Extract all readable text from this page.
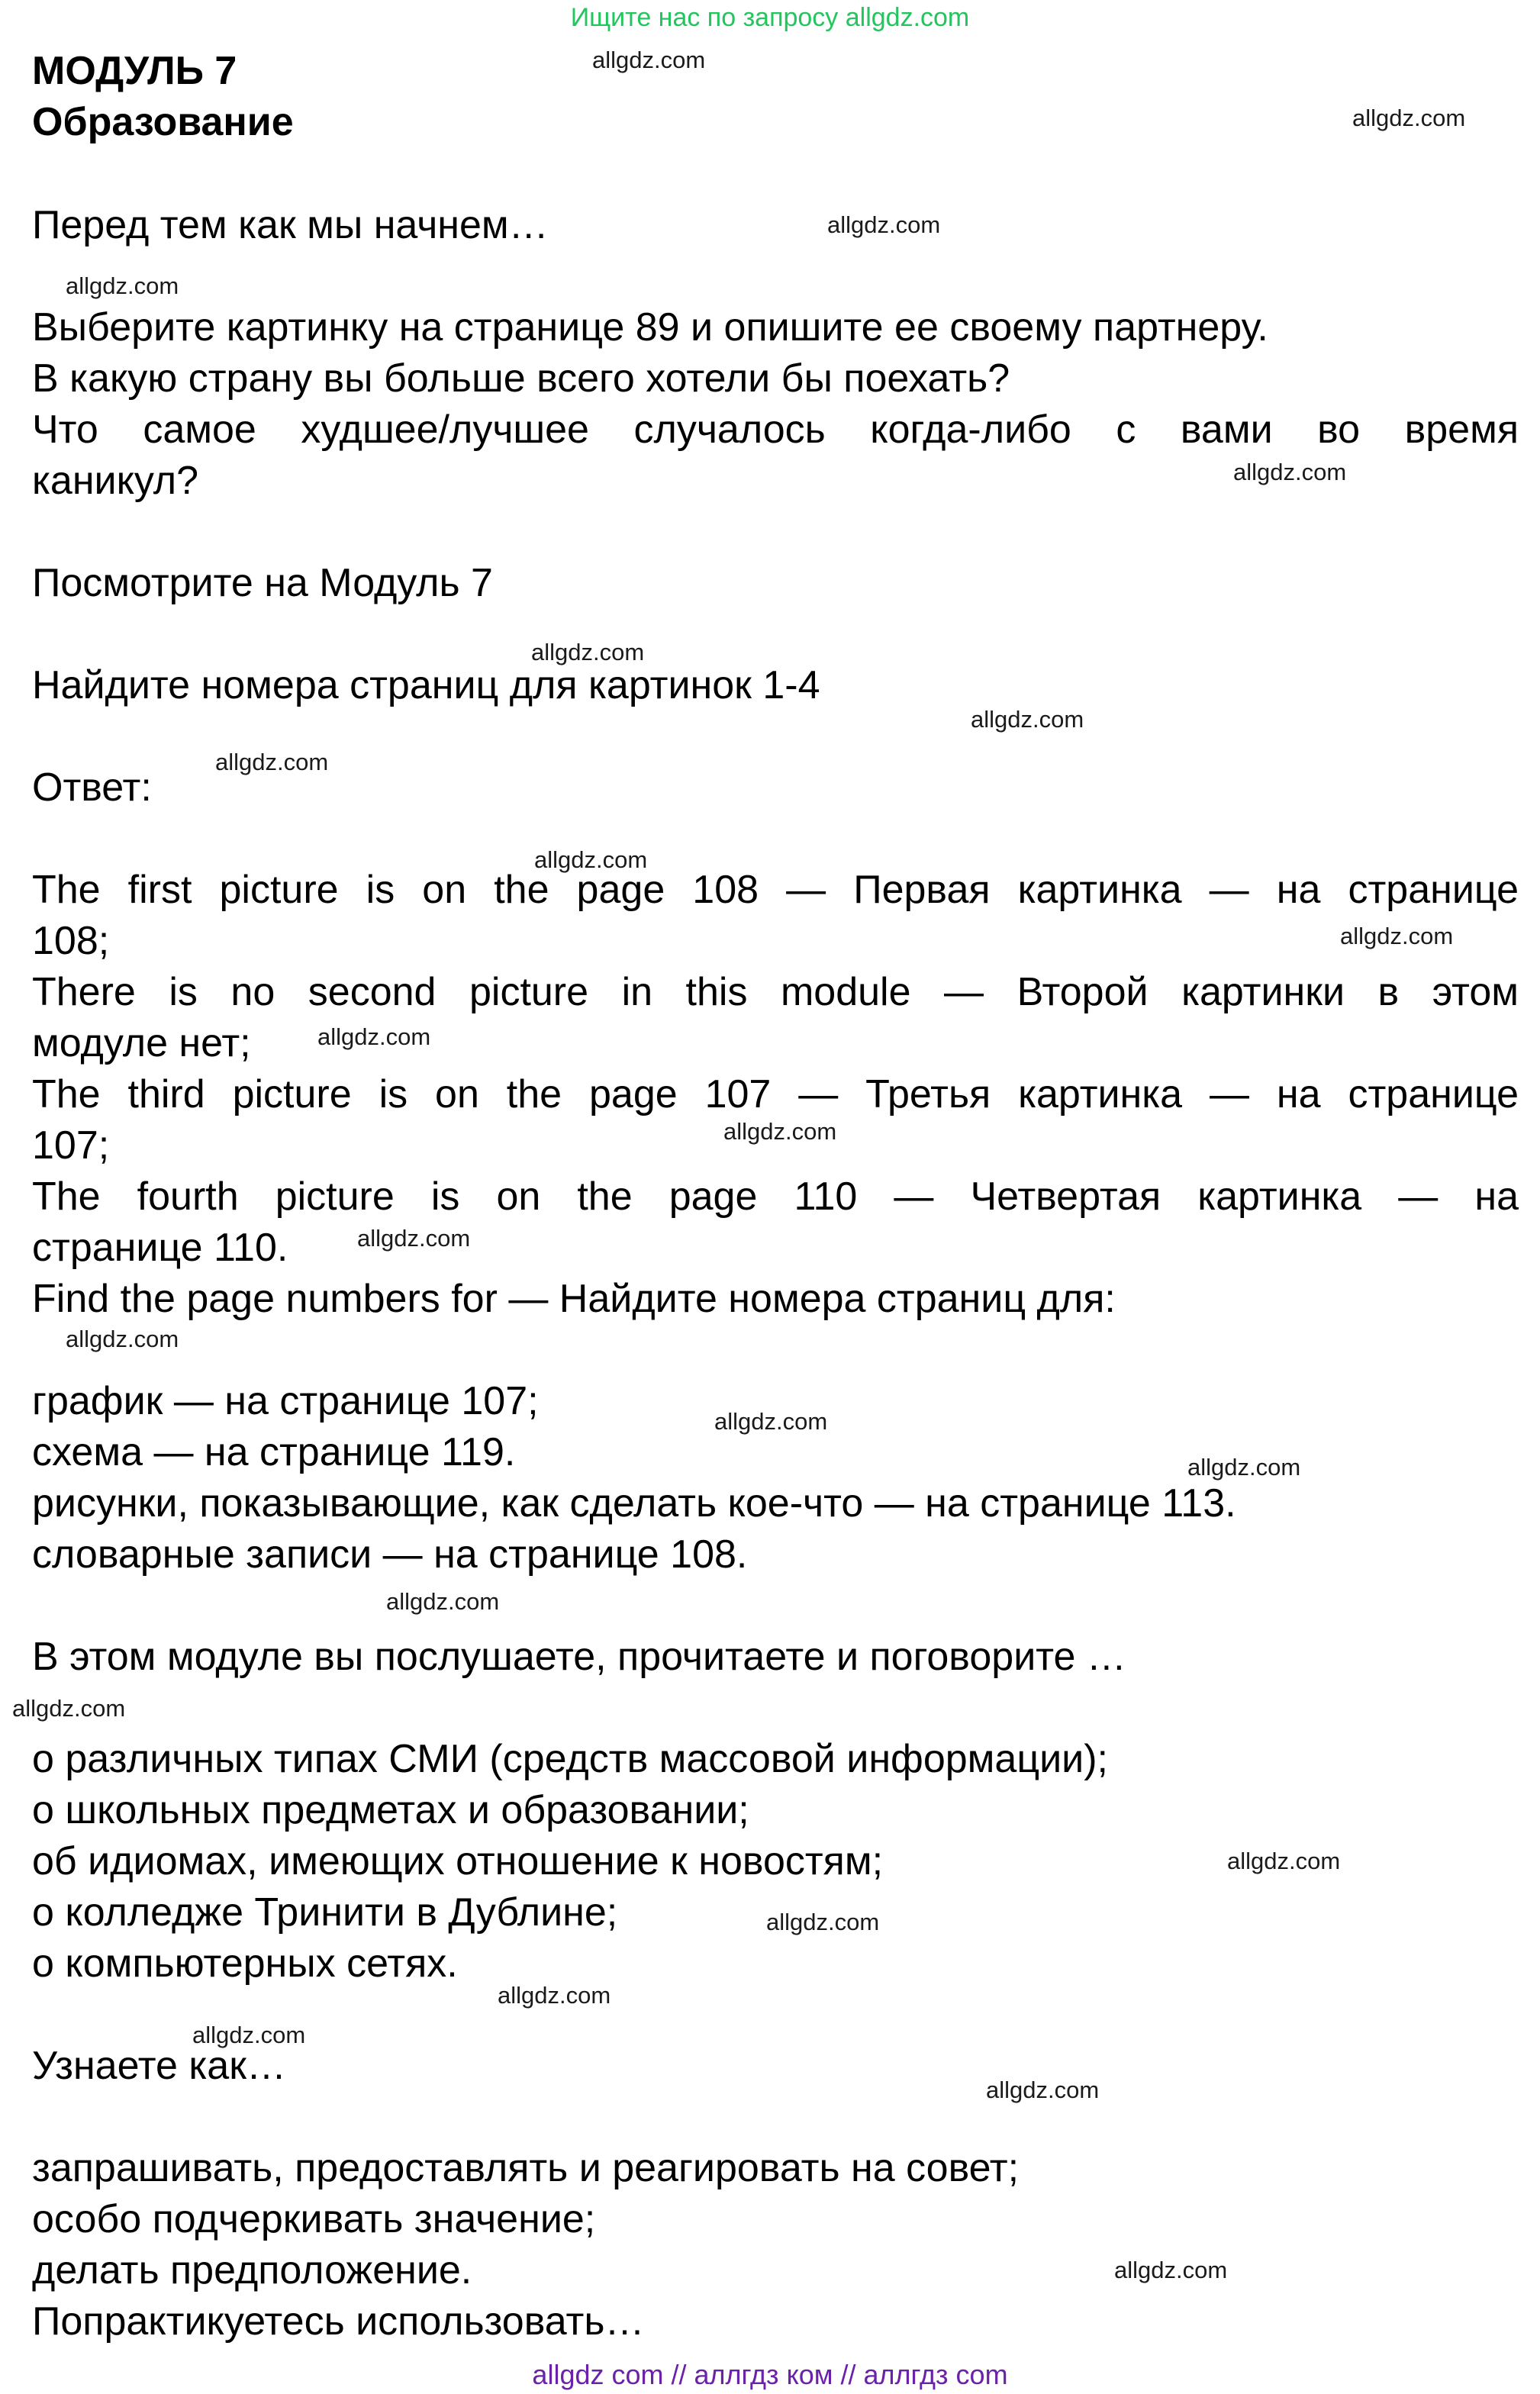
Ищите нас по запросу allgdz.com
МОДУЛЬ 7
Образование
Перед тем как мы начнем…
Выберите картинку на странице 89 и опишите ее своему партнеру.
В какую страну вы больше всего хотели бы поехать?
Что самое худшее/лучшее случалось когда-либо с вами во время
каникул?
Посмотрите на Модуль 7
Найдите номера страниц для картинок 1-4
Ответ:
The first picture is on the page 108 — Первая картинка — на странице
108;
There is no second picture in this module — Второй картинки в этом
модуле нет;
The third picture is on the page 107 — Третья картинка — на странице
107;
The fourth picture is on the page 110 — Четвертая картинка — на
странице 110.
Find the page numbers for — Найдите номера страниц для:
график — на странице 107;
схема — на странице 119.
рисунки, показывающие, как сделать кое-что — на странице 113.
словарные записи — на странице 108.
В этом модуле вы послушаете, прочитаете и поговорите …
о различных типах СМИ (средств массовой информации);
о школьных предметах и образовании;
об идиомах, имеющих отношение к новостям;
о колледже Тринити в Дублине;
о компьютерных сетях.
Узнаете как…
запрашивать, предоставлять и реагировать на совет;
особо подчеркивать значение;
делать предположение.
Попрактикуетесь использовать…
allgdz.com
allgdz.com
allgdz.com
allgdz.com
allgdz.com
allgdz.com
allgdz.com
allgdz.com
allgdz.com
allgdz.com
allgdz.com
allgdz.com
allgdz.com
allgdz.com
allgdz.com
allgdz.com
allgdz.com
allgdz.com
allgdz.com
allgdz.com
allgdz.com
allgdz.com
allgdz.com
allgdz.com
allgdz com // аллгдз ком // аллгдз com
